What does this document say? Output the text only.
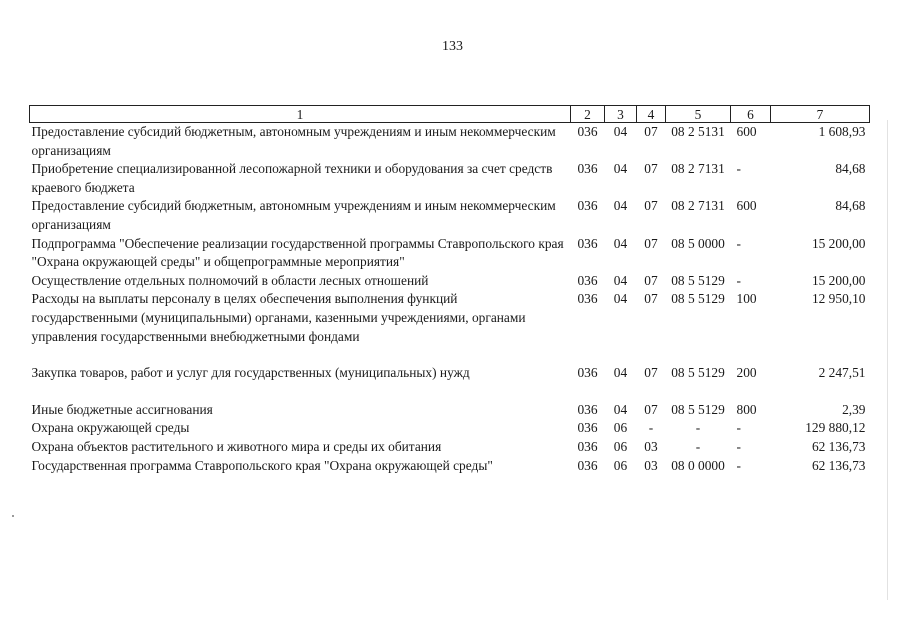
133
1	2	3	4	5	6	7
Предоставление субсидий бюджетным, автономным учреждениям и иным некоммерческим организациям	036	04	07	08 2 5131	600	1 608,93
Приобретение специализированной лесопожарной техники и оборудования за счет средств краевого бюджета	036	04	07	08 2 7131	-	84,68
Предоставление субсидий бюджетным, автономным учреждениям и иным некоммерческим организациям	036	04	07	08 2 7131	600	84,68
Подпрограмма "Обеспечение реализации государственной программы Ставропольского края "Охрана окружающей среды" и общепрограммные мероприятия"	036	04	07	08 5 0000	-	15 200,00
Осуществление отдельных полномочий в области лесных отношений	036	04	07	08 5 5129	-	15 200,00
Расходы на выплаты персоналу в целях обеспечения выполнения функций государственными (муниципальными) органами, казенными учреждениями, органами управления государственными внебюджетными фондами	036	04	07	08 5 5129	100	12 950,10
Закупка товаров, работ и услуг для государственных (муниципальных) нужд	036	04	07	08 5 5129	200	2 247,51
Иные бюджетные ассигнования	036	04	07	08 5 5129	800	2,39
Охрана окружающей среды	036	06	-	-	-	129 880,12
Охрана объектов растительного и животного мира и среды их обитания	036	06	03	-	-	62 136,73
Государственная программа Ставропольского края "Охрана окружающей среды"	036	06	03	08 0 0000	-	62 136,73
